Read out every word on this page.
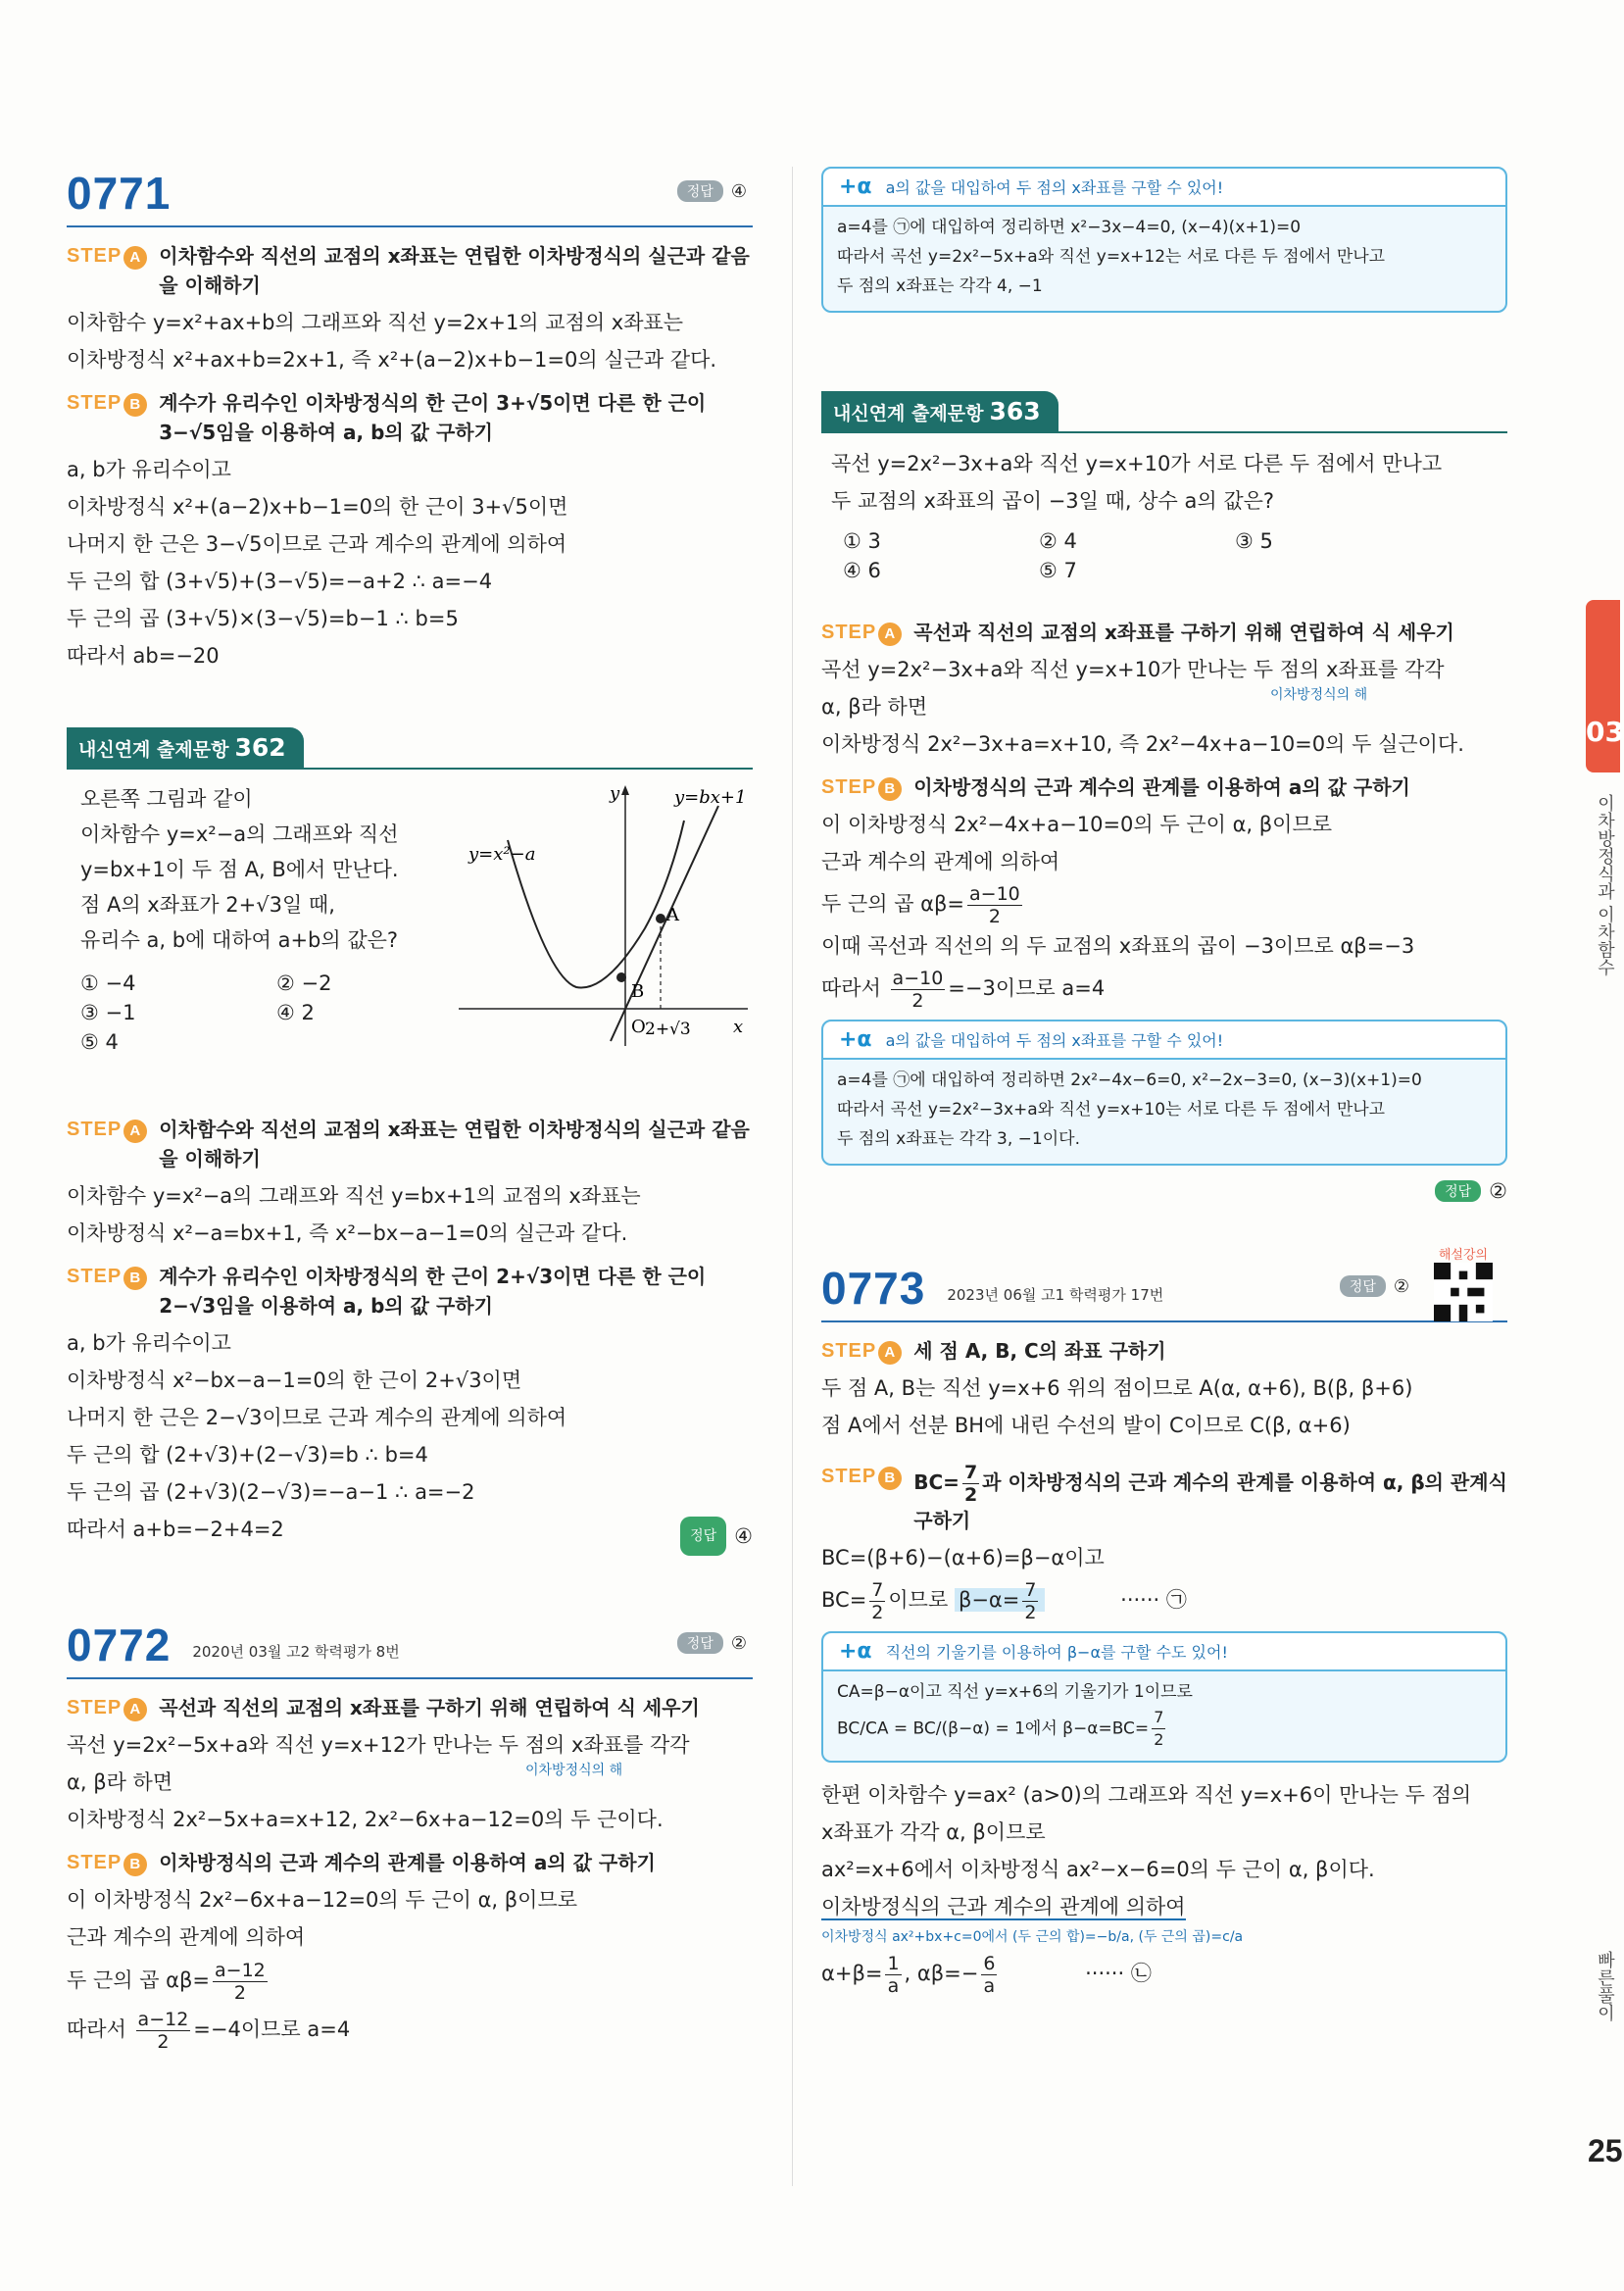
0771	정답	④
STEP A 이차함수와 직선의 교점의 x좌표는 연립한 이차방정식의 실근과 같음을 이해하기
이차함수 y=x²+ax+b의 그래프와 직선 y=2x+1의 교점의 x좌표는
이차방정식 x²+ax+b=2x+1, 즉 x²+(a−2)x+b−1=0의 실근과 같다.
STEP B 계수가 유리수인 이차방정식의 한 근이 3+√5이면 다른 한 근이 3−√5임을 이용하여 a, b의 값 구하기
a, b가 유리수이고
이차방정식 x²+(a−2)x+b−1=0의 한 근이 3+√5이면
나머지 한 근은 3−√5이므로 근과 계수의 관계에 의하여
두 근의 합 (3+√5)+(3−√5)=−a+2 ∴ a=−4
두 근의 곱 (3+√5)×(3−√5)=b−1 ∴ b=5
따라서 ab=−20
내신연계 출제문항 362
오른쪽 그림과 같이
이차함수 y=x²−a의 그래프와 직선
y=bx+1이 두 점 A, B에서 만난다.
점 A의 x좌표가 2+√3일 때,
유리수 a, b에 대하여 a+b의 값은?
① −4	② −2
③ −1	④ 2
⑤ 4
y=x²−a
y=bx+1
A
B
O 2+√3 x
y
STEP A 이차함수와 직선의 교점의 x좌표는 연립한 이차방정식의 실근과 같음을 이해하기
이차함수 y=x²−a의 그래프와 직선 y=bx+1의 교점의 x좌표는
이차방정식 x²−a=bx+1, 즉 x²−bx−a−1=0의 실근과 같다.
STEP B 계수가 유리수인 이차방정식의 한 근이 2+√3이면 다른 한 근이 2−√3임을 이용하여 a, b의 값 구하기
a, b가 유리수이고
이차방정식 x²−bx−a−1=0의 한 근이 2+√3이면
나머지 한 근은 2−√3이므로 근과 계수의 관계에 의하여
두 근의 합 (2+√3)+(2−√3)=b ∴ b=4
두 근의 곱 (2+√3)(2−√3)=−a−1 ∴ a=−2
따라서 a+b=−2+4=2	정답 ④
0772 2020년 03월 고2 학력평가 8번	정답	②
STEP A 곡선과 직선의 교점의 x좌표를 구하기 위해 연립하여 식 세우기
곡선 y=2x²−5x+a와 직선 y=x+12가 만나는 두 점의 x좌표를 각각
α, β라 하면	이차방정식의 해
이차방정식 2x²−5x+a=x+12, 2x²−6x+a−12=0의 두 근이다.
STEP B 이차방정식의 근과 계수의 관계를 이용하여 a의 값 구하기
이 이차방정식 2x²−6x+a−12=0의 두 근이 α, β이므로
근과 계수의 관계에 의하여
두 근의 곱 $\alpha\beta= \frac{a-12}{2}$
따라서 $\frac{a-12}{2} =-4$이므로 a=4
+α a의 값을 대입하여 두 점의 x좌표를 구할 수 있어!
a=4를 ㉠에 대입하여 정리하면 x²−3x−4=0, (x−4)(x+1)=0
따라서 곡선 y=2x²−5x+a와 직선 y=x+12는 서로 다른 두 점에서 만나고
두 점의 x좌표는 각각 4, −1
내신연계 출제문항 363
곡선 y=2x²−3x+a와 직선 y=x+10가 서로 다른 두 점에서 만나고
두 교점의 x좌표의 곱이 −3일 때, 상수 a의 값은?
① 3	② 4	③ 5
④ 6	⑤ 7
STEP A 곡선과 직선의 교점의 x좌표를 구하기 위해 연립하여 식 세우기
곡선 y=2x²−3x+a와 직선 y=x+10가 만나는 두 점의 x좌표를 각각
α, β라 하면	이차방정식의 해
이차방정식 2x²−3x+a=x+10, 즉 2x²−4x+a−10=0의 두 실근이다.
STEP B 이차방정식의 근과 계수의 관계를 이용하여 a의 값 구하기
이 이차방정식 2x²−4x+a−10=0의 두 근이 α, β이므로
근과 계수의 관계에 의하여
두 근의 곱 $\alpha\beta= \frac{a-10}{2}$
이때 곡선과 직선의 의 두 교점의 x좌표의 곱이 −3이므로 αβ=−3
따라서 $\frac{a-10}{2} =-3$이므로 a=4
+α a의 값을 대입하여 두 점의 x좌표를 구할 수 있어!
a=4를 ㉠에 대입하여 정리하면 2x²−4x−6=0, x²−2x−3=0, (x−3)(x+1)=0
따라서 곡선 y=2x²−3x+a와 직선 y=x+10는 서로 다른 두 점에서 만나고
두 점의 x좌표는 각각 3, −1이다.
정답 ②
0773 2023년 06월 고1 학력평가 17번	정답	②
해설강의
STEP A 세 점 A, B, C의 좌표 구하기
두 점 A, B는 직선 y=x+6 위의 점이므로 A(α, α+6), B(β, β+6)
점 A에서 선분 BH에 내린 수선의 발이 C이므로 C(β, α+6)
STEP B $BC= \frac{7}{2}$ 과 이차방정식의 근과 계수의 관계를 이용하여 α, β의 관계식 구하기
BC=(β+6)−(α+6)=β−α이고
$BC= \frac{7}{2}$ 이므로 $\beta-\alpha= \frac{7}{2}$	······ ㉠
+α 직선의 기울기를 이용하여 β−α를 구할 수도 있어!
CA=β−α이고 직선 y=x+6의 기울기가 1이므로
BC/CA = BC/(β−α) = 1에서 $\beta-\alpha=BC= \frac{7}{2}$
한편 이차함수 y=ax² (a>0)의 그래프와 직선 y=x+6이 만나는 두 점의
x좌표가 각각 α, β이므로
ax²=x+6에서 이차방정식 ax²−x−6=0의 두 근이 α, β이다.
이차방정식의 근과 계수의 관계에 의하여
이차방정식 ax²+bx+c=0에서 (두 근의 합)=−b/a, (두 근의 곱)=c/a
$\alpha+\beta= \frac{1}{a}$ , $\alpha\beta=- \frac{6}{a}$	······ ㉡
03
이차방정식과 이차함수
빠른풀이
25
